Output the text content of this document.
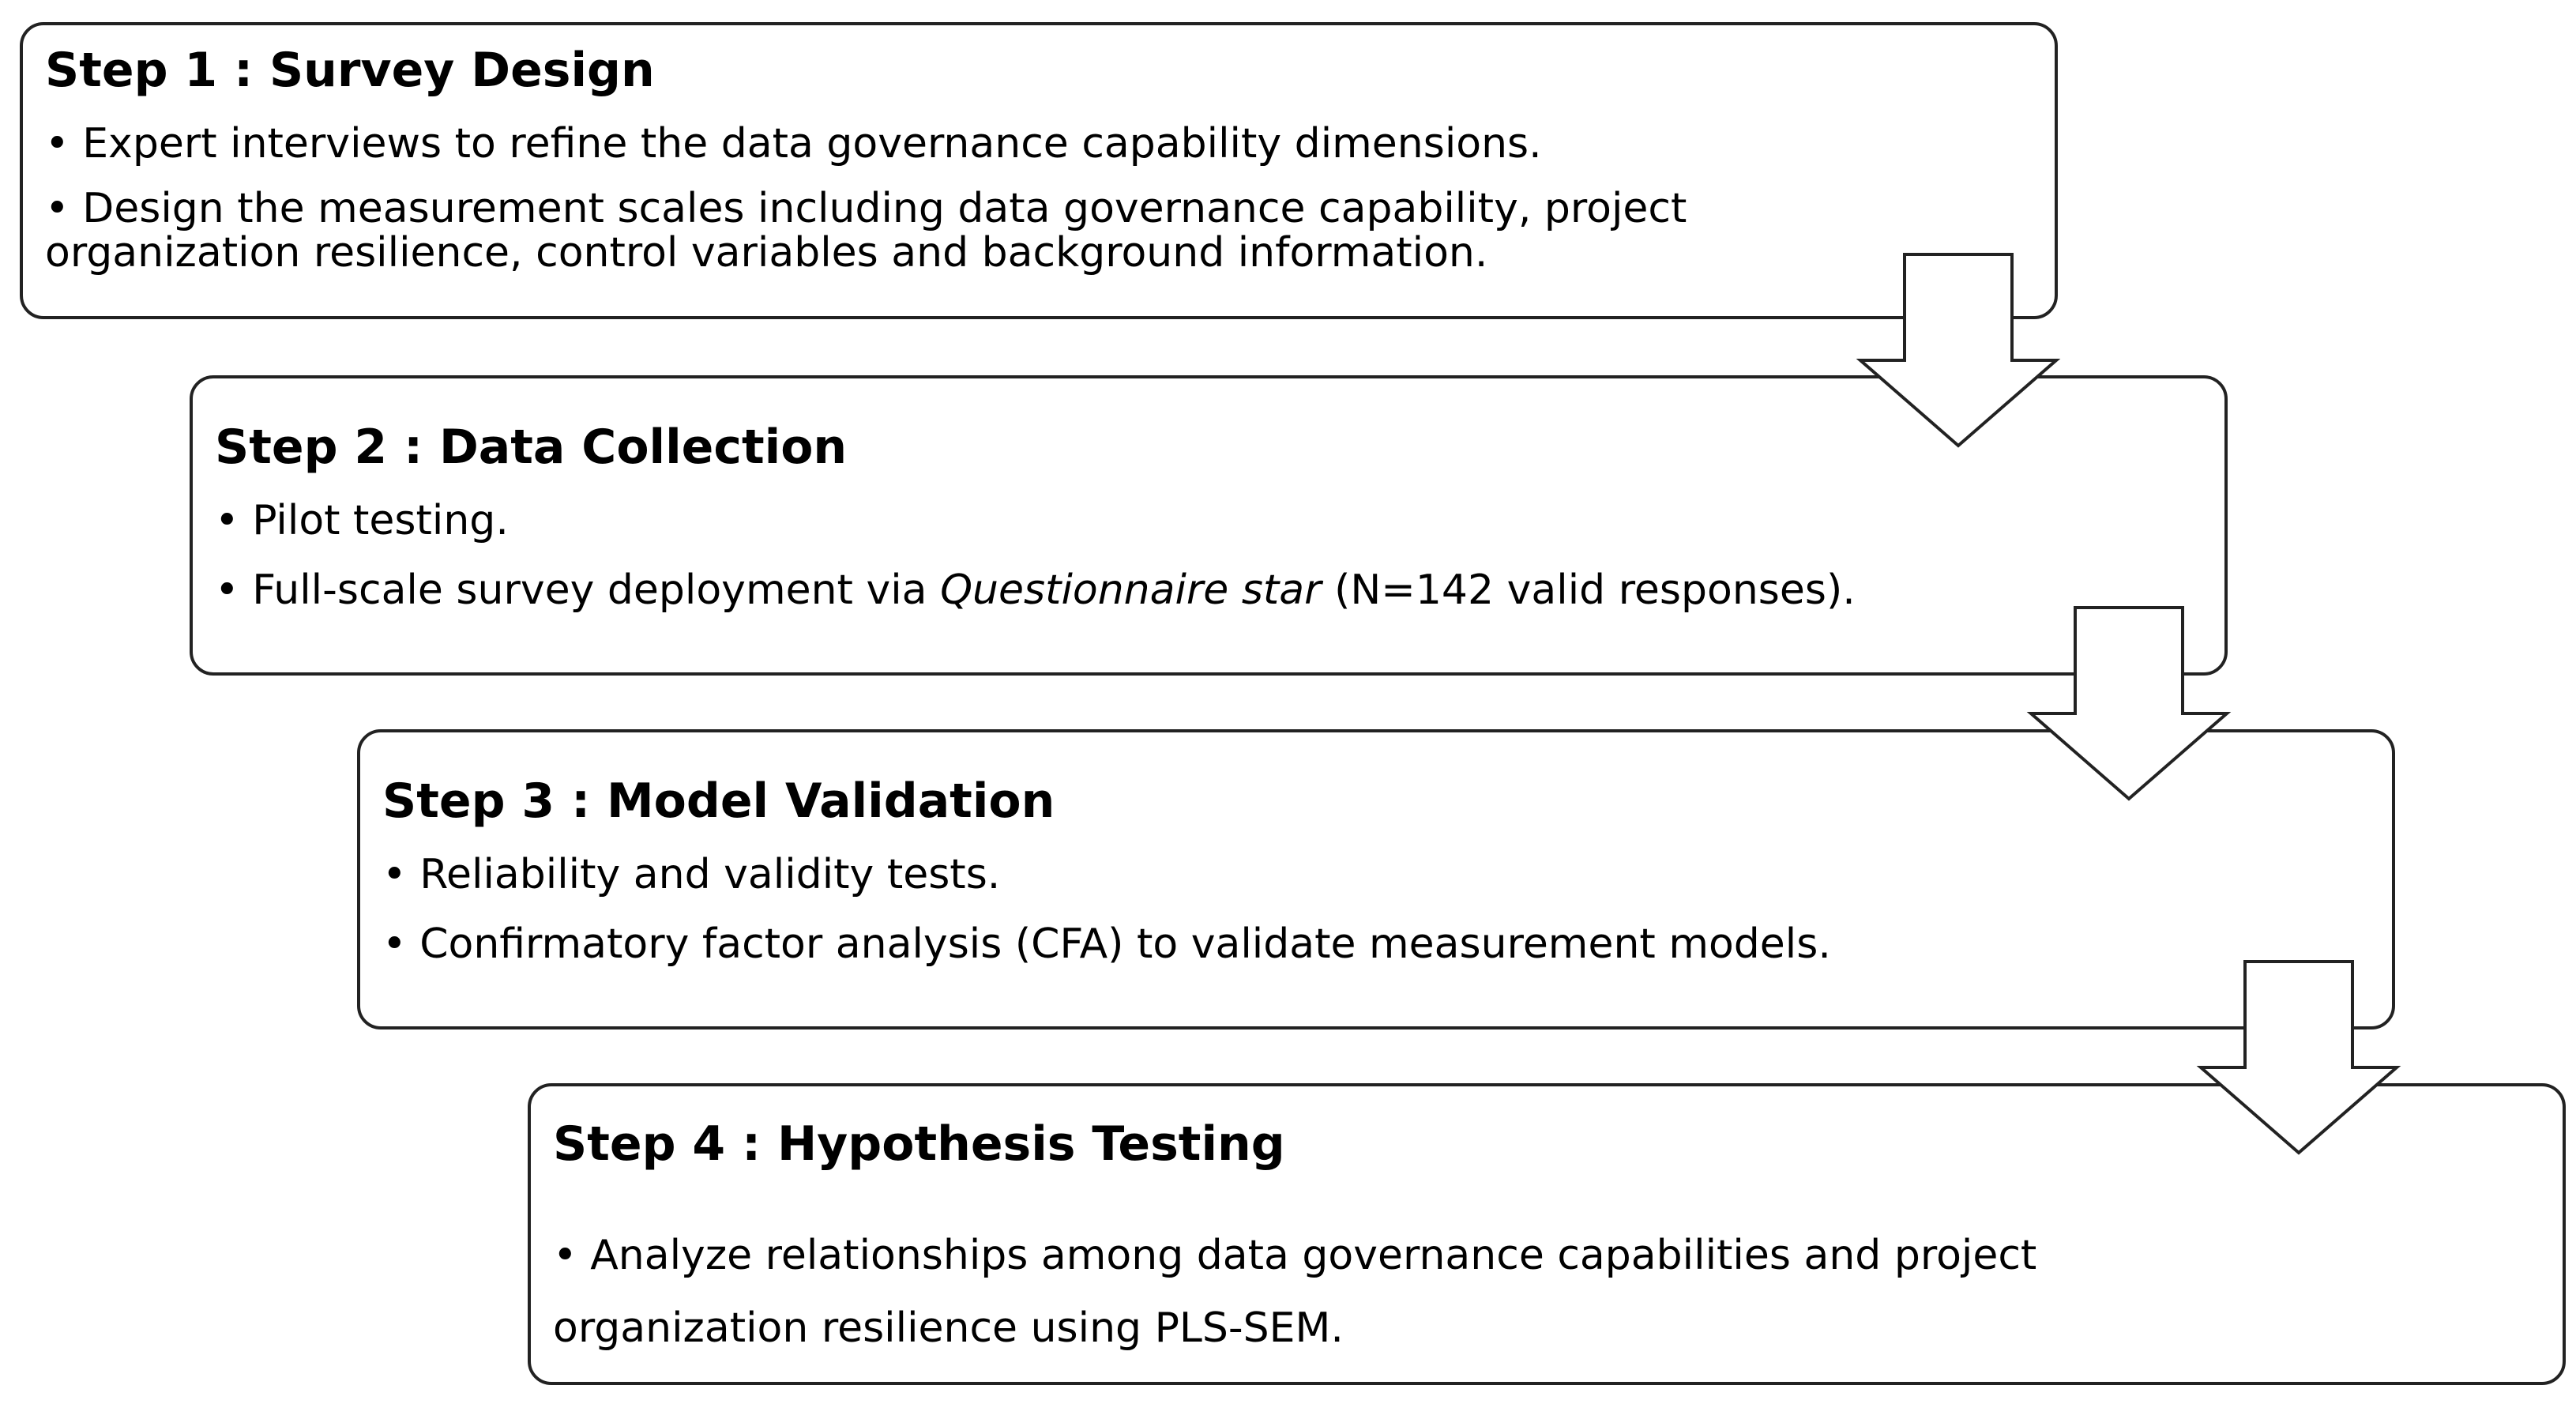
Step 1 : Survey Design
• Expert interviews to refine the data governance capability dimensions.
• Design the measurement scales including data governance capability, project organization resilience, control variables and background information.
Step 2 : Data Collection
• Pilot testing.
• Full-scale survey deployment via Questionnaire star (N=142 valid responses).
Step 3 : Model Validation
• Reliability and validity tests.
• Confirmatory factor analysis (CFA) to validate measurement models.
Step 4 : Hypothesis Testing
• Analyze relationships among data governance capabilities and project organization resilience using PLS-SEM.
